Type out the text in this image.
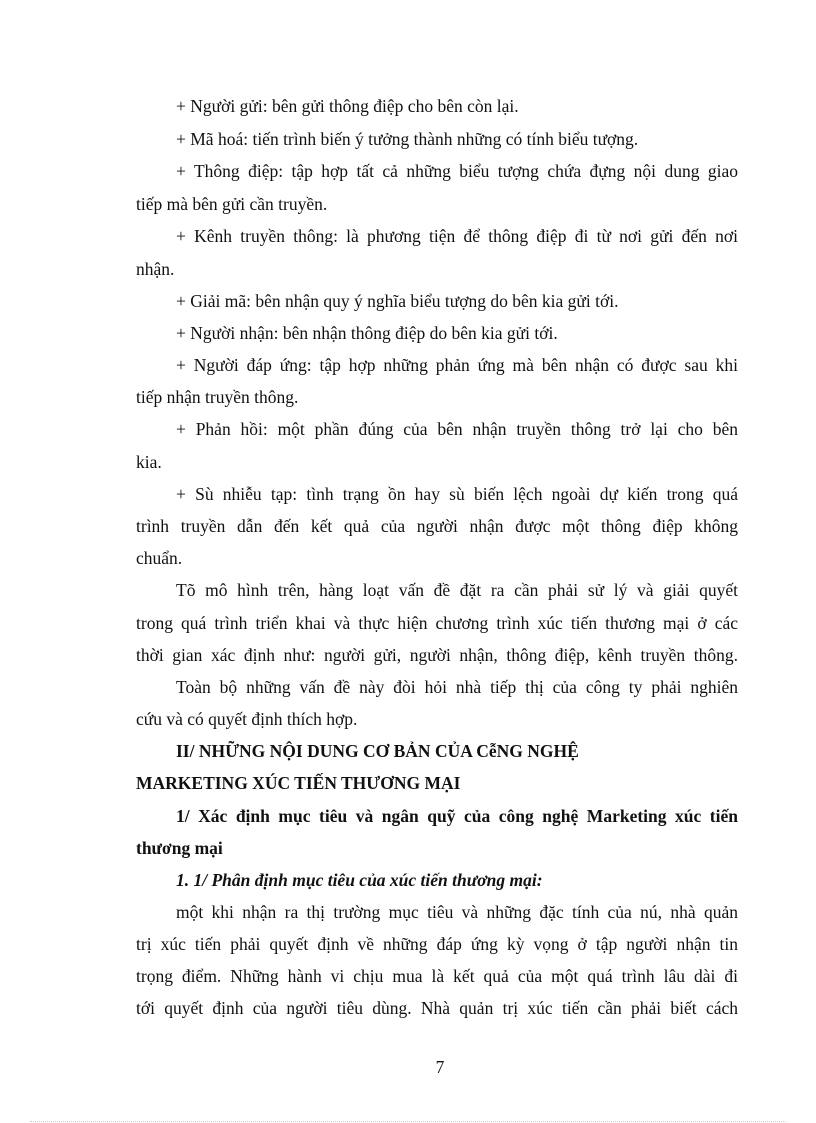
+ Người gửi: bên gửi thông điệp cho bên còn lại.
+ Mã hoá: tiến trình biến ý tưởng thành những có tính biểu tượng.
+ Thông điệp: tập hợp tất cả những biểu tượng chứa đựng nội dung giao
tiếp mà bên gửi cần truyền.
+ Kênh truyền thông: là phương tiện để thông điệp đi từ nơi gửi đến nơi
nhận.
+ Giải mã: bên nhận quy ý nghĩa biểu tượng do bên kia gửi tới.
+ Người nhận: bên nhận thông điệp do bên kia gửi tới.
+ Người đáp ứng: tập hợp những phản ứng mà bên nhận có được sau khi
tiếp nhận truyền thông.
+ Phản hồi: một phần đúng của bên nhận truyền thông trở lại cho bên
kia.
+ Sù nhiễu tạp: tình trạng ồn hay sù biến lệch ngoài dự kiến trong quá
trình truyền dẫn đến kết quả của người nhận được một thông điệp không
chuẩn.
Tõ mô hình trên, hàng loạt vấn đề đặt ra cần phải sử lý và giải quyết
trong quá trình triển khai và thực hiện chương trình xúc tiến thương mại ở các
thời gian xác định như: người gửi, người nhận, thông điệp, kênh truyền thông.
Toàn bộ những vấn đề này đòi hỏi nhà tiếp thị của công ty phải nghiên
cứu và có quyết định thích hợp.
II/ NHỮNG NỘI DUNG CƠ BẢN CỦA CễNG NGHỆ
MARKETING XÚC TIẾN THƯƠNG MẠI
1/ Xác định mục tiêu và ngân quỹ của công nghệ Marketing xúc tiến
thương mại
1. 1/ Phân định mục tiêu của xúc tiến thương mại:
một khi nhận ra thị trường mục tiêu và những đặc tính của nú, nhà quản
trị xúc tiến phải quyết định về những đáp ứng kỳ vọng ở tập người nhận tin
trọng điểm. Những hành vi chịu mua là kết quả của một quá trình lâu dài đi
tới quyết định của người tiêu dùng. Nhà quản trị xúc tiến cần phải biết cách
7
